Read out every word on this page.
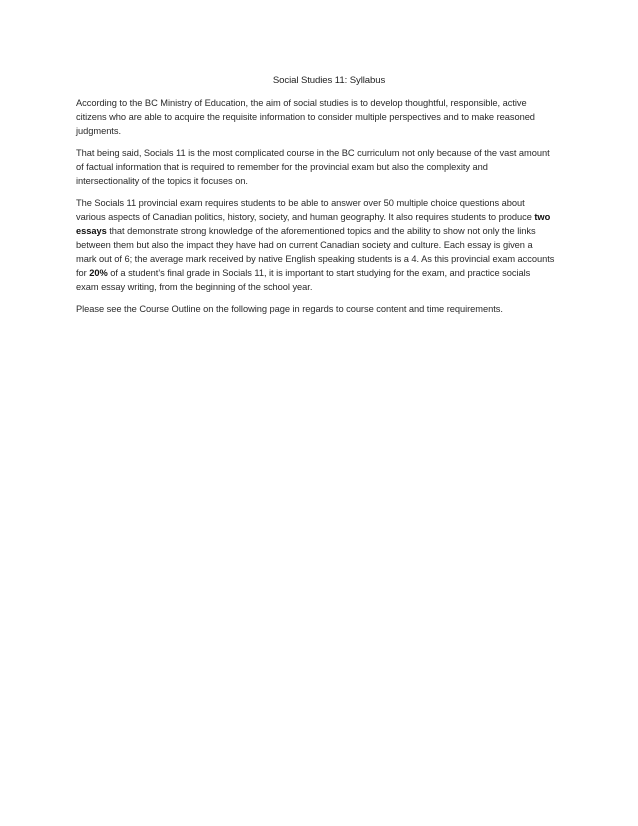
Social Studies 11: Syllabus

According to the BC Ministry of Education, the aim of social studies is to develop thoughtful, responsible, active
citizens who are able to acquire the requisite information to consider multiple perspectives and to make reasoned
judgments.

That being said, Socials 11 is the most complicated course in the BC curriculum not only because of the vast amount
of factual information that is required to remember for the provincial exam but also the complexity and
intersectionality of the topics it focuses on.

The Socials 11 provincial exam requires students to be able to answer over 50 multiple choice questions about
various aspects of Canadian politics, history, society, and human geography. It also requires students to produce two
essays that demonstrate strong knowledge of the aforementioned topics and the ability to show not only the links
between them but also the impact they have had on current Canadian society and culture. Each essay is given a
mark out of 6; the average mark received by native English speaking students is a 4. As this provincial exam accounts
for 20% of a student’s final grade in Socials 11, it is important to start studying for the exam, and practice socials
exam essay writing, from the beginning of the school year.

Please see the Course Outline on the following page in regards to course content and time requirements.
